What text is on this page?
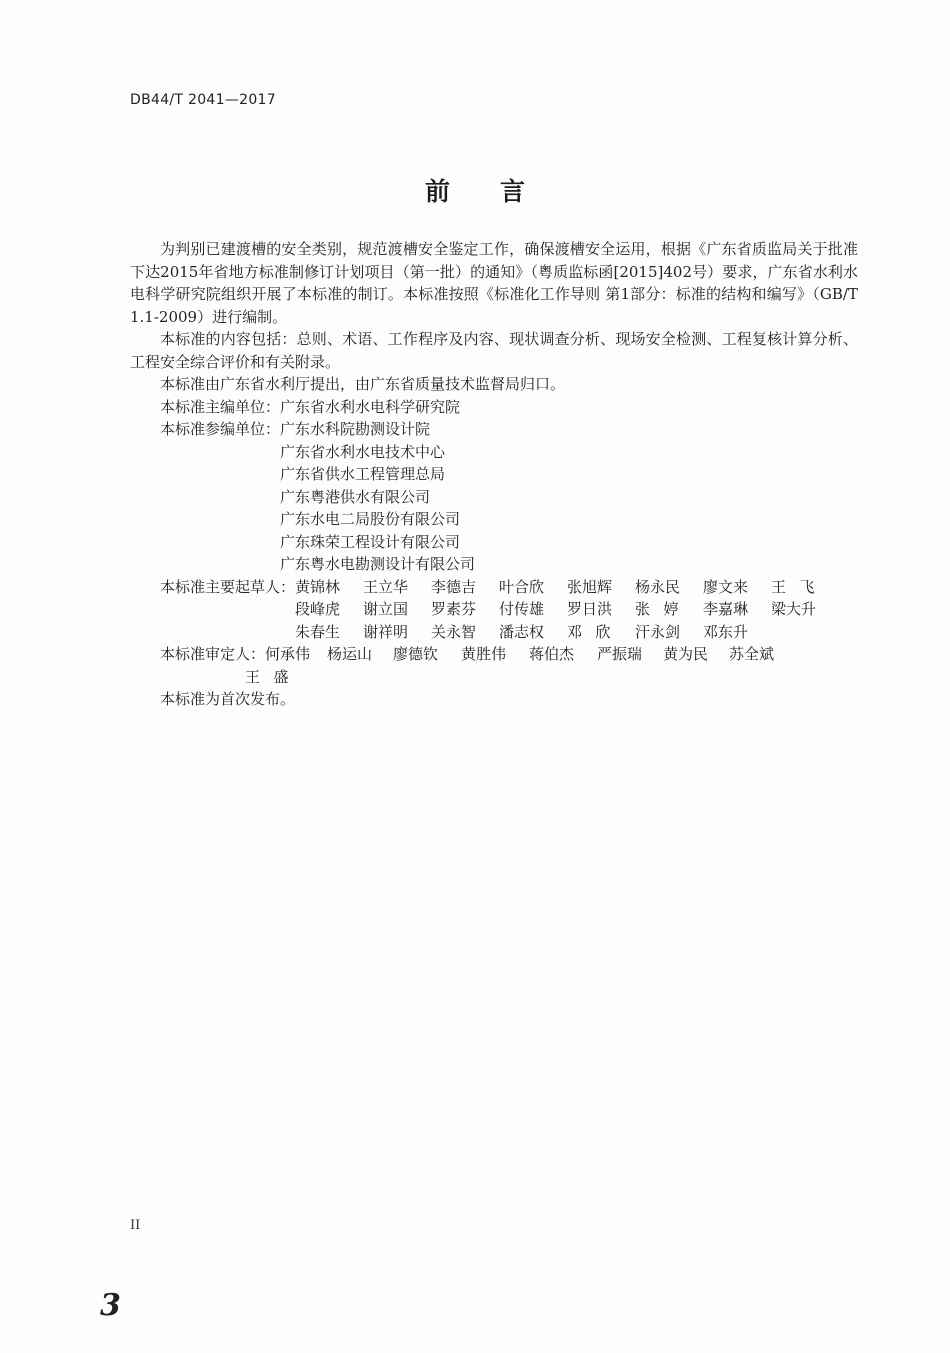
DB44/T 2041—2017
前言

为判别已建渡槽的安全类别，规范渡槽安全鉴定工作，确保渡槽安全运用，根据《广东省质监局关于批准下达2015年省地方标准制修订计划项目（第一批）的通知》（粤质监标函[2015]402号）要求，广东省水利水电科学研究院组织开展了本标准的制订。本标准按照《标准化工作导则 第1部分：标准的结构和编写》（GB/T 1.1-2009）进行编制。

本标准的内容包括：总则、术语、工作程序及内容、现状调查分析、现场安全检测、工程复核计算分析、工程安全综合评价和有关附录。

本标准由广东省水利厅提出，由广东省质量技术监督局归口。

本标准主编单位： 广东省水利水电科学研究院
本标准参编单位： 广东水科院勘测设计院
广东省水利水电技术中心
广东省供水工程管理总局
广东粤港供水有限公司
广东水电二局股份有限公司
广东珠荣工程设计有限公司
广东粤水电勘测设计有限公司
本标准主要起草人： 黄锦林	王立华	李德吉	叶合欣	张旭辉	杨永民	廖文来	王飞
段峰虎	谢立国	罗素芬	付传雄	罗日洪	张婷 李嘉琳	梁大升
朱春生	谢祥明	关永智	潘志权	邓欣 汗永剑	邓东升
本标准审定人： 何承伟	杨运山	廖德钦	黄胜伟	蒋伯杰	严振瑞	黄为民	苏全斌
王盛

本标准为首次发布。

II
3
